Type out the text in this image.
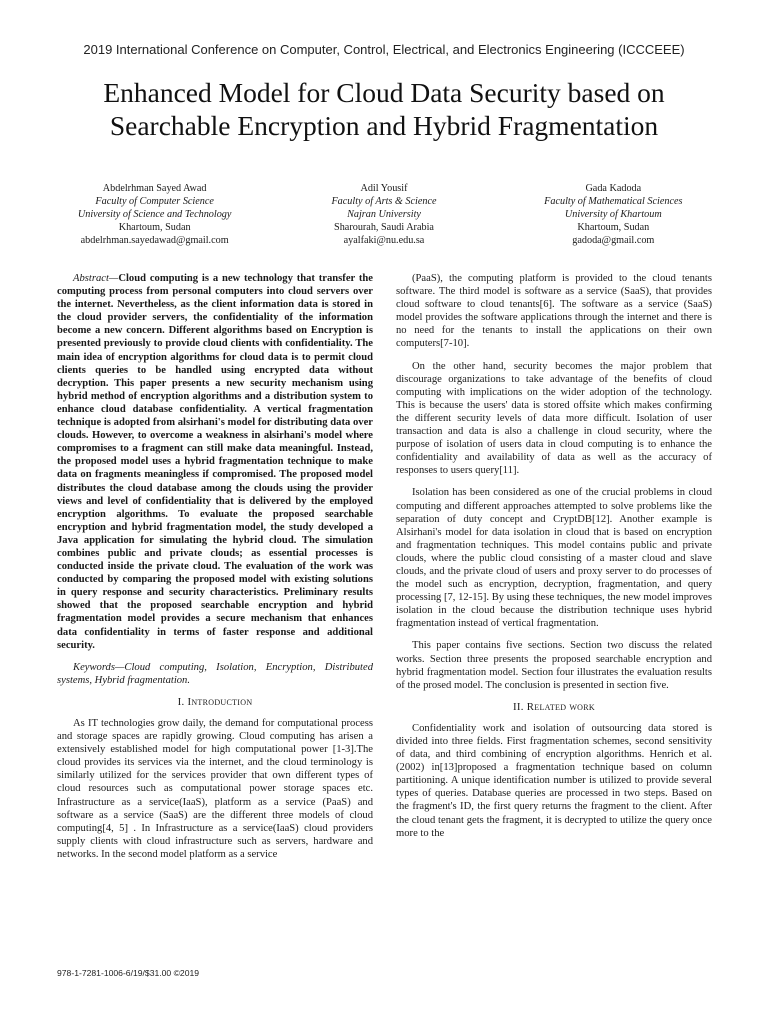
2019 International Conference on Computer, Control, Electrical, and Electronics Engineering (ICCCEEE)
Enhanced Model for Cloud Data Security based on
Searchable Encryption and Hybrid Fragmentation
Abdelrhman Sayed Awad
Faculty of Computer Science
University of Science and Technology
Khartoum, Sudan
abdelrhman.sayedawad@gmail.com
Adil Yousif
Faculty of Arts & Science
Najran University
Sharourah, Saudi Arabia
ayalfaki@nu.edu.sa
Gada Kadoda
Faculty of Mathematical Sciences
University of Khartoum
Khartoum, Sudan
gadoda@gmail.com

Abstract—Cloud computing is a new technology that transfer the computing process from personal computers into cloud servers over the internet. Nevertheless, as the client information data is stored in the cloud provider servers, the confidentiality of the information become a new concern. Different algorithms based on Encryption is presented previously to provide cloud clients with confidentiality. The main idea of encryption algorithms for cloud data is to permit cloud clients queries to be handled using encrypted data without decryption. This paper presents a new security mechanism using hybrid method of encryption algorithms and a distribution system to enhance cloud database confidentiality. A vertical fragmentation technique is adopted from alsirhani's model for distributing data over clouds. However, to overcome a weakness in alsirhani's model where compromises to a fragment can still make data meaningful. Instead, the proposed model uses a hybrid fragmentation technique to make data on fragments meaningless if compromised. The proposed model distributes the cloud database among the clouds using the provider views and level of confidentiality that is delivered by the employed encryption algorithms. To evaluate the proposed searchable encryption and hybrid fragmentation model, the study developed a Java application for simulating the hybrid cloud. The simulation combines public and private clouds; as essential processes is conducted inside the private cloud. The evaluation of the work was conducted by comparing the proposed model with existing solutions in query response and security characteristics. Preliminary results showed that the proposed searchable encryption and hybrid fragmentation model provides a secure mechanism that enhances data confidentiality in terms of faster response and additional security.

Keywords—Cloud computing, Isolation, Encryption, Distributed systems, Hybrid fragmentation.

I. Introduction

As IT technologies grow daily, the demand for computational process and storage spaces are rapidly growing. Cloud computing has arisen a extensively established model for high computational power [1-3].The cloud provides its services via the internet, and the cloud terminology is similarly utilized for the services provider that own different types of cloud resources such as computational power storage spaces etc. Infrastructure as a service(IaaS), platform as a service (PaaS) and software as a service (SaaS) are the different three models of cloud computing[4, 5] . In Infrastructure as a service(IaaS) cloud providers supply clients with cloud infrastructure such as servers, hardware and networks. In the second model platform as a service

(PaaS), the computing platform is provided to the cloud tenants software. The third model is software as a service (SaaS), that provides cloud software to cloud tenants[6]. The software as a service (SaaS) model provides the software applications through the internet and there is no need for the tenants to install the applications on their own computers[7-10].

On the other hand, security becomes the major problem that discourage organizations to take advantage of the benefits of cloud computing with implications on the wider adoption of the technology. This is because the users' data is stored offsite which makes confirming the different security levels of data more difficult. Isolation of user transaction and data is also a challenge in cloud security, where the purpose of isolation of users data in cloud computing is to enhance the confidentiality and availability of data as well as the accuracy of responses to users query[11].

Isolation has been considered as one of the crucial problems in cloud computing and different approaches attempted to solve problems like the separation of duty concept and CryptDB[12]. Another example is Alsirhani's model for data isolation in cloud that is based on encryption and fragmentation techniques. This model contains public and private clouds, where the public cloud consisting of a master cloud and slave clouds, and the private cloud of users and proxy server to do processes of the model such as encryption, decryption, fragmentation, and query processing [7, 12-15]. By using these techniques, the new model improves isolation in the cloud because the distribution technique uses hybrid fragmentation instead of vertical fragmentation.

This paper contains five sections. Section two discuss the related works. Section three presents the proposed searchable encryption and hybrid fragmentation model. Section four illustrates the evaluation results of the prosed model. The conclusion is presented in section five.

II. Related work

Confidentiality work and isolation of outsourcing data stored is divided into three fields. First fragmentation schemes, second sensitivity of data, and third combining of encryption algorithms. Henrich et al. (2002) in[13]proposed a fragmentation technique based on column partitioning. A unique identification number is utilized to provide several types of queries. Database queries are processed in two steps. Based on the fragment's ID, the first query returns the fragment to the client. After the cloud tenant gets the fragment, it is decrypted to utilize the query once more to the

978-1-7281-1006-6/19/$31.00 ©2019
